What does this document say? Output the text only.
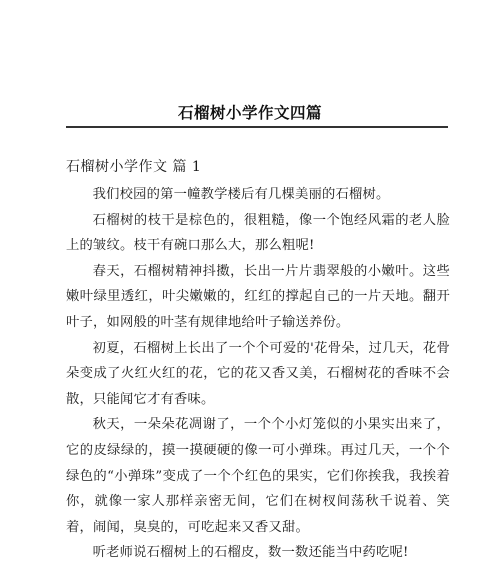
石榴树小学作文四篇
石榴树小学作文 篇 1

我们校园的第一幢教学楼后有几棵美丽的石榴树。

石榴树的枝干是棕色的，很粗糙，像一个饱经风霜的老人脸上的皱纹。枝干有碗口那么大，那么粗呢!

春天，石榴树精神抖擞，长出一片片翡翠般的小嫩叶。这些嫩叶绿里透红，叶尖嫩嫩的，红红的撑起自己的一片天地。翻开叶子，如网般的叶茎有规律地给叶子输送养份。

初夏，石榴树上长出了一个个可爱的'花骨朵，过几天，花骨朵变成了火红火红的花，它的花又香又美，石榴树花的香味不会散，只能闻它才有香味。

秋天，一朵朵花凋谢了，一个个小灯笼似的小果实出来了，它的皮绿绿的，摸一摸硬硬的像一可小弹珠。再过几天，一个个绿色的“小弹珠”变成了一个个红色的果实，它们你挨我，我挨着你，就像一家人那样亲密无间，它们在树杈间荡秋千说着、笑着，闹闻，臭臭的，可吃起来又香又甜。

听老师说石榴树上的石榴皮，数一数还能当中药吃呢!
